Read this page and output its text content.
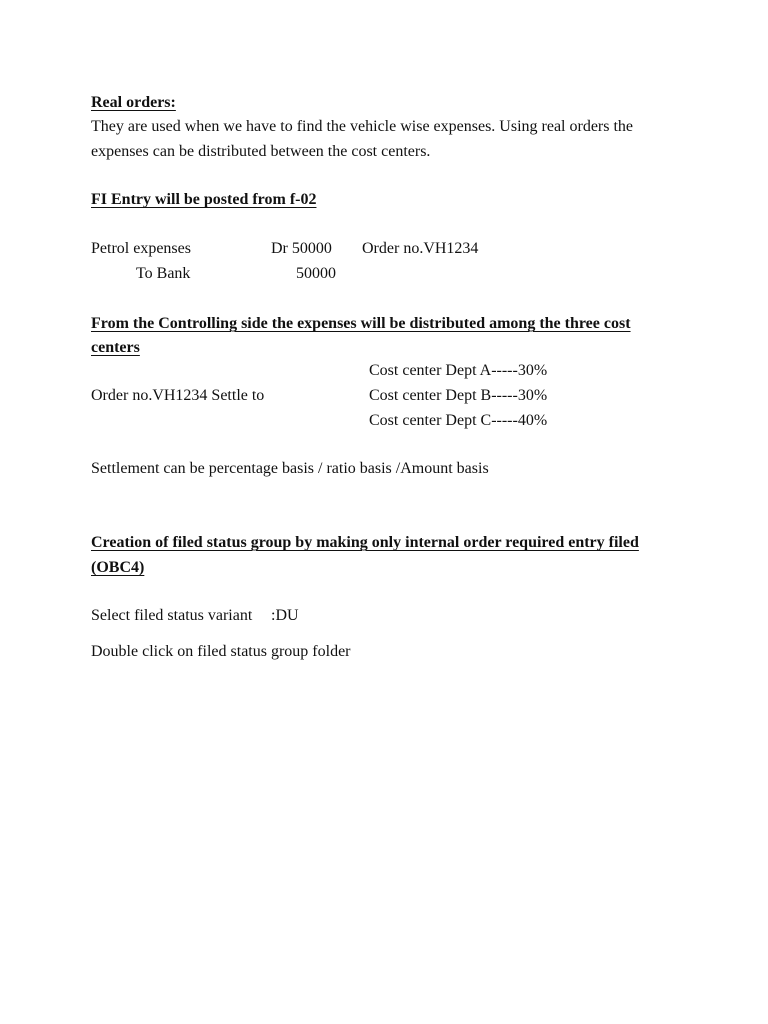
Real orders:
They are used when we have to find the vehicle wise expenses. Using real orders the
expenses can be distributed between the cost centers.
FI Entry will be posted from f-02
Petrol expenses	Dr 50000 Order no.VH1234
To Bank	50000
From the Controlling side the expenses will be distributed among the three cost
centers
Cost center Dept A-----30%
Order no.VH1234 Settle to	Cost center Dept B-----30%
Cost center Dept C-----40%
Settlement can be percentage basis / ratio basis /Amount basis
Creation of filed status group by making only internal order required entry filed
(OBC4)
Select filed status variant :DU
Double click on filed status group folder
